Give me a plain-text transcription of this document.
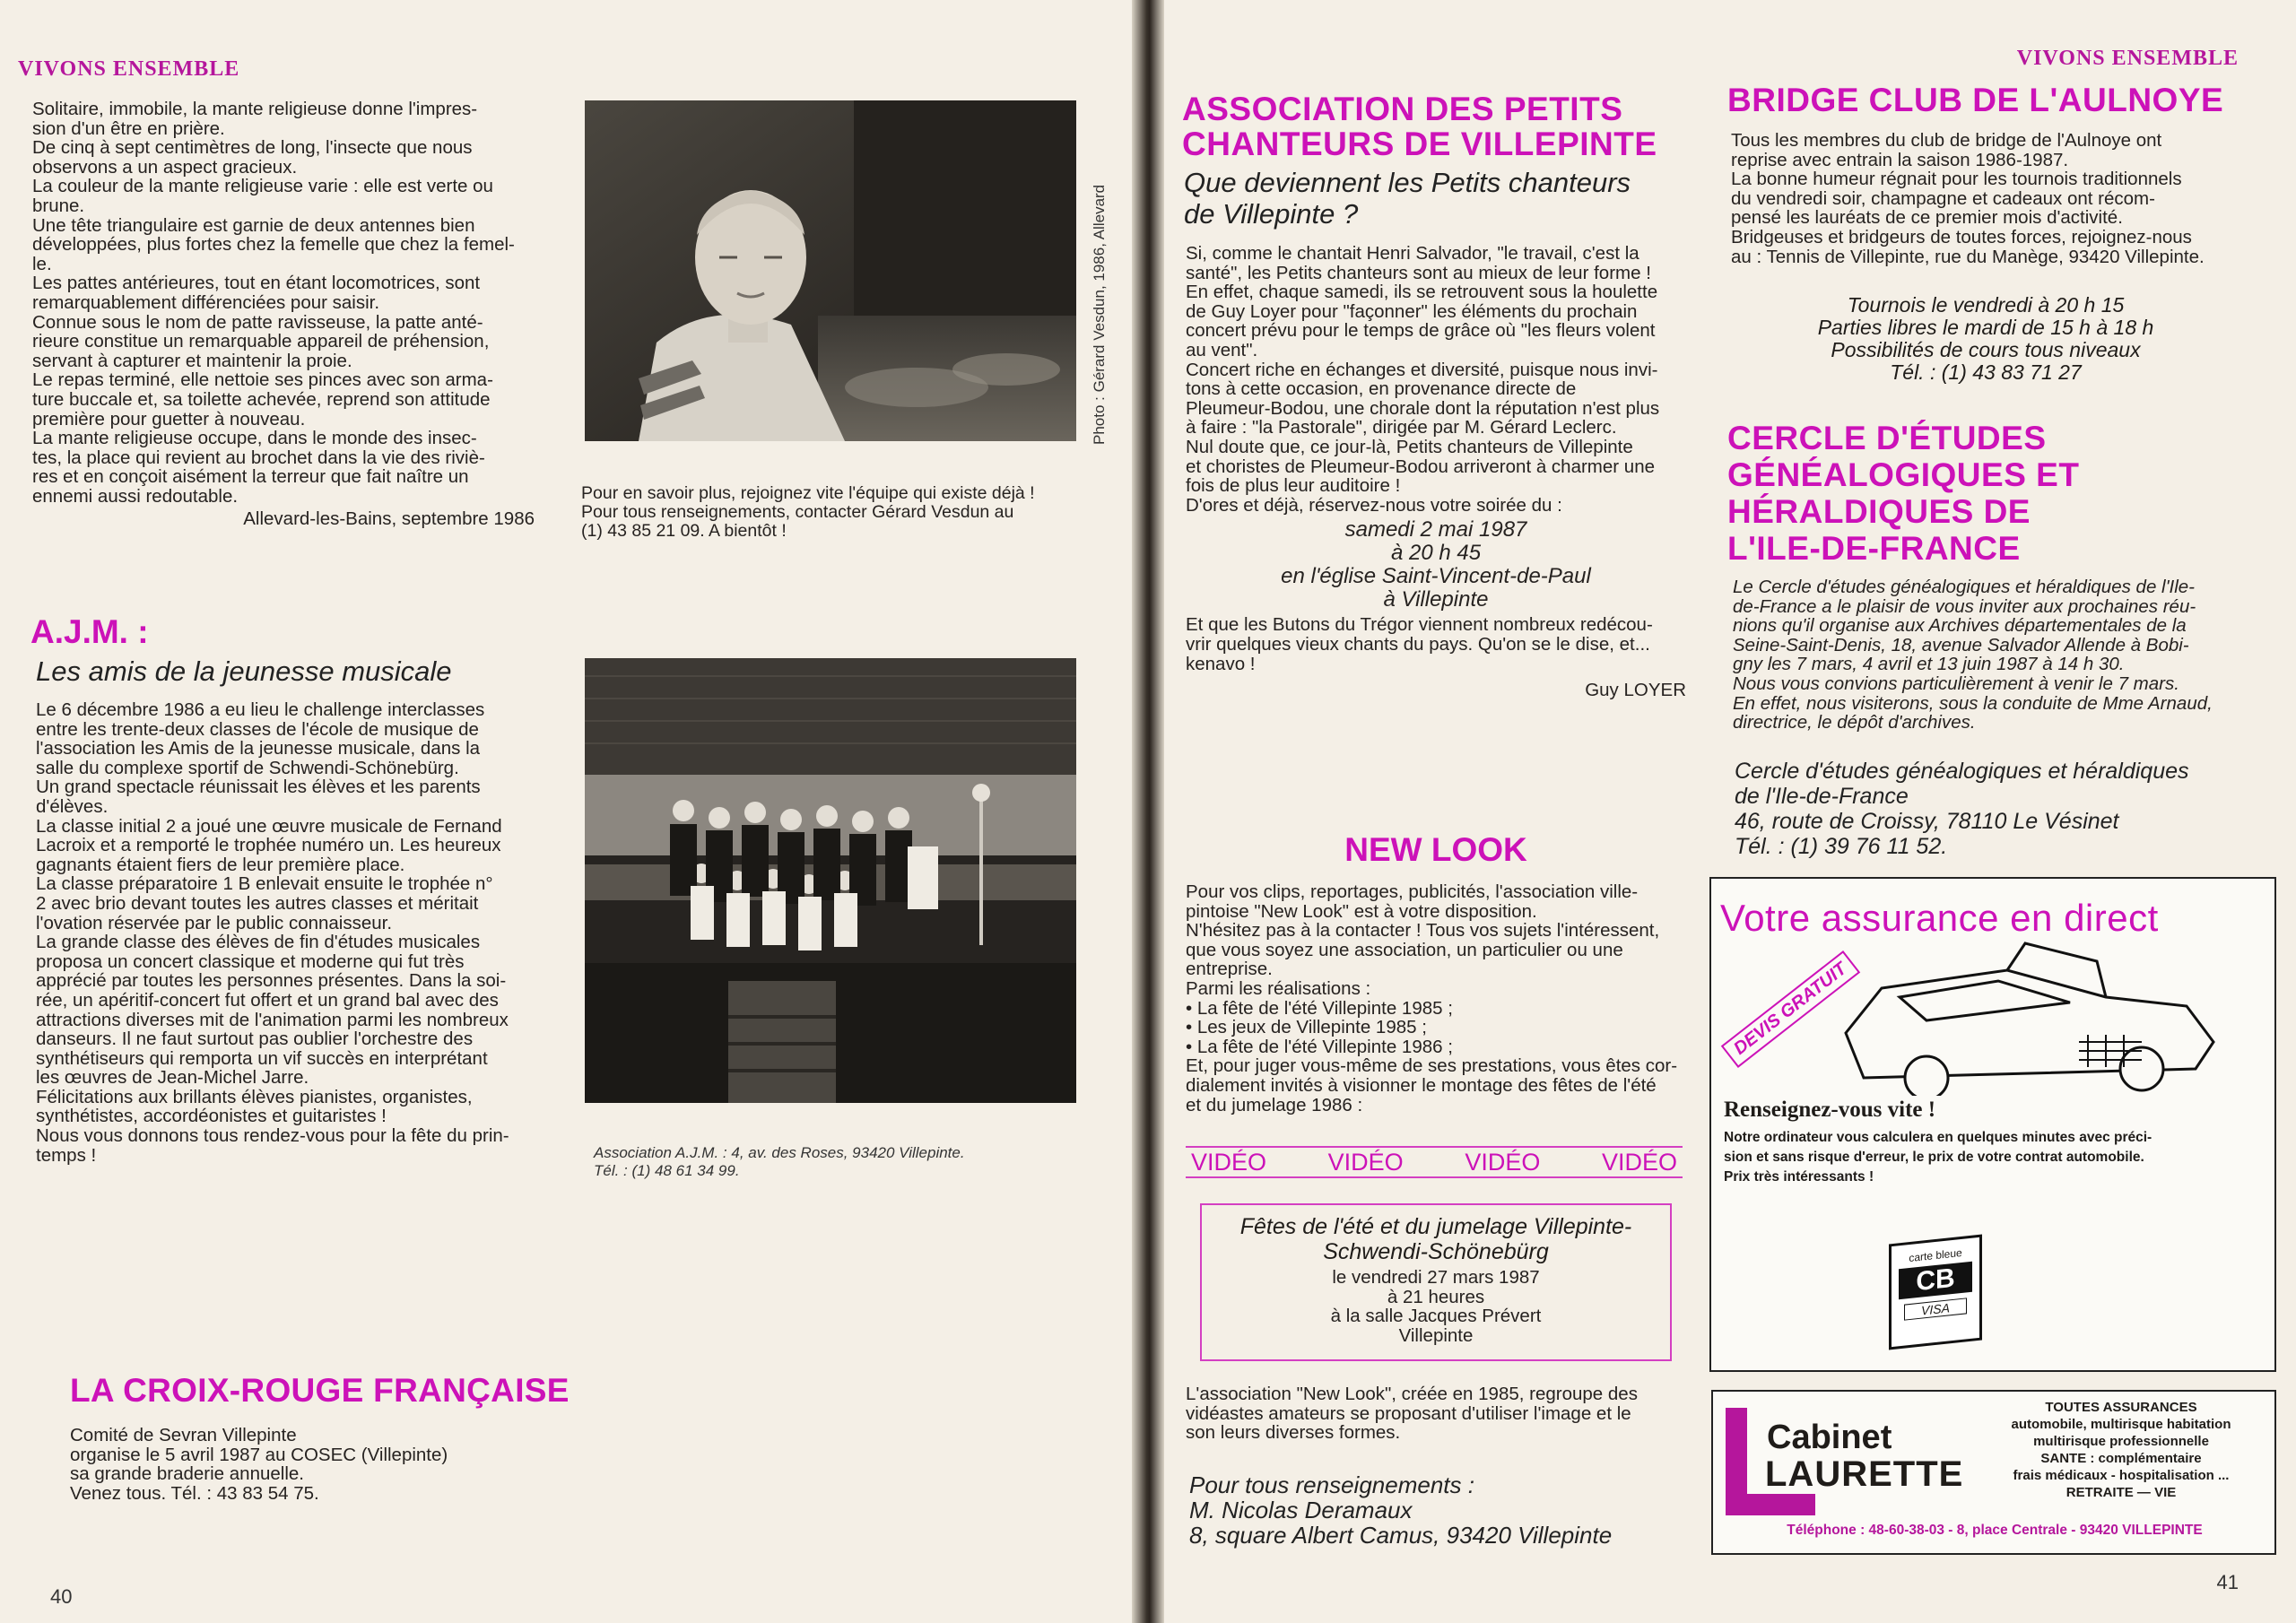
VIVONS ENSEMBLE
Solitaire, immobile, la mante religieuse donne l'impres-
sion d'un être en prière.
De cinq à sept centimètres de long, l'insecte que nous
observons a un aspect gracieux.
La couleur de la mante religieuse varie : elle est verte ou
brune.
Une tête triangulaire est garnie de deux antennes bien
développées, plus fortes chez la femelle que chez la femel-
le.
Les pattes antérieures, tout en étant locomotrices, sont
remarquablement différenciées pour saisir.
Connue sous le nom de patte ravisseuse, la patte anté-
rieure constitue un remarquable appareil de préhension,
servant à capturer et maintenir la proie.
Le repas terminé, elle nettoie ses pinces avec son arma-
ture buccale et, sa toilette achevée, reprend son attitude
première pour guetter à nouveau.
La mante religieuse occupe, dans le monde des insec-
tes, la place qui revient au brochet dans la vie des riviè-
res et en conçoit aisément la terreur que fait naître un
ennemi aussi redoutable.

Allevard-les-Bains, septembre 1986

Photo : Gérard Vesdun, 1986, Allevard
Pour en savoir plus, rejoignez vite l'équipe qui existe déjà !
Pour tous renseignements, contacter Gérard Vesdun au
(1) 43 85 21 09. A bientôt !
A.J.M. :
Les amis de la jeunesse musicale
Le 6 décembre 1986 a eu lieu le challenge interclasses
entre les trente-deux classes de l'école de musique de
l'association les Amis de la jeunesse musicale, dans la
salle du complexe sportif de Schwendi-Schönebürg.
Un grand spectacle réunissait les élèves et les parents
d'élèves.
La classe initial 2 a joué une œuvre musicale de Fernand
Lacroix et a remporté le trophée numéro un. Les heureux
gagnants étaient fiers de leur première place.
La classe préparatoire 1 B enlevait ensuite le trophée n°
2 avec brio devant toutes les autres classes et méritait
l'ovation réservée par le public connaisseur.
La grande classe des élèves de fin d'études musicales
proposa un concert classique et moderne qui fut très
apprécié par toutes les personnes présentes. Dans la soi-
rée, un apéritif-concert fut offert et un grand bal avec des
attractions diverses mit de l'animation parmi les nombreux
danseurs. Il ne faut surtout pas oublier l'orchestre des
synthétiseurs qui remporta un vif succès en interprétant
les œuvres de Jean-Michel Jarre.
Félicitations aux brillants élèves pianistes, organistes,
synthétistes, accordéonistes et guitaristes !
Nous vous donnons tous rendez-vous pour la fête du prin-
temps !	Association A.J.M. : 4, av. des Roses, 93420 Villepinte.
Tél. : (1) 48 61 34 99.
LA CROIX-ROUGE FRANÇAISE
Comité de Sevran Villepinte
organise le 5 avril 1987 au COSEC (Villepinte)
sa grande braderie annuelle.
Venez tous. Tél. : 43 83 54 75.
40
VIVONS ENSEMBLE
ASSOCIATION DES PETITS
CHANTEURS DE VILLEPINTE
Que deviennent les Petits chanteurs
de Villepinte ?
Si, comme le chantait Henri Salvador, "le travail, c'est la
santé", les Petits chanteurs sont au mieux de leur forme !
En effet, chaque samedi, ils se retrouvent sous la houlette
de Guy Loyer pour "façonner" les éléments du prochain
concert prévu pour le temps de grâce où "les fleurs volent
au vent".
Concert riche en échanges et diversité, puisque nous invi-
tons à cette occasion, en provenance directe de
Pleumeur-Bodou, une chorale dont la réputation n'est plus
à faire : "la Pastorale", dirigée par M. Gérard Leclerc.
Nul doute que, ce jour-là, Petits chanteurs de Villepinte
et choristes de Pleumeur-Bodou arriveront à charmer une
fois de plus leur auditoire !
D'ores et déjà, réservez-nous votre soirée du :
samedi 2 mai 1987
à 20 h 45
en l'église Saint-Vincent-de-Paul
à Villepinte
Et que les Butons du Trégor viennent nombreux redécou-
vrir quelques vieux chants du pays. Qu'on se le dise, et...
kenavo !

Guy LOYER

NEW LOOK
Pour vos clips, reportages, publicités, l'association ville-
pintoise "New Look" est à votre disposition.
N'hésitez pas à la contacter ! Tous vos sujets l'intéressent,
que vous soyez une association, un particulier ou une
entreprise.
Parmi les réalisations :
• La fête de l'été Villepinte 1985 ;
• Les jeux de Villepinte 1985 ;
• La fête de l'été Villepinte 1986 ;
Et, pour juger vous-même de ses prestations, vous êtes cor-
dialement invités à visionner le montage des fêtes de l'été
et du jumelage 1986 :
VIDÉO	VIDÉO	VIDÉO	VIDÉO
Fêtes de l'été et du jumelage Villepinte-
Schwendi-Schönebürg
le vendredi 27 mars 1987
à 21 heures
à la salle Jacques Prévert
Villepinte
L'association "New Look", créée en 1985, regroupe des
vidéastes amateurs se proposant d'utiliser l'image et le
son leurs diverses formes.
Pour tous renseignements :
M. Nicolas Deramaux
8, square Albert Camus, 93420 Villepinte
BRIDGE CLUB DE L'AULNOYE
Tous les membres du club de bridge de l'Aulnoye ont
reprise avec entrain la saison 1986-1987.
La bonne humeur régnait pour les tournois traditionnels
du vendredi soir, champagne et cadeaux ont récom-
pensé les lauréats de ce premier mois d'activité.
Bridgeuses et bridgeurs de toutes forces, rejoignez-nous
au : Tennis de Villepinte, rue du Manège, 93420 Villepinte.
Tournois le vendredi à 20 h 15
Parties libres le mardi de 15 h à 18 h
Possibilités de cours tous niveaux
Tél. : (1) 43 83 71 27
CERCLE D'ÉTUDES
GÉNÉALOGIQUES ET
HÉRALDIQUES DE
L'ILE-DE-FRANCE
Le Cercle d'études généalogiques et héraldiques de l'Ile-
de-France a le plaisir de vous inviter aux prochaines réu-
nions qu'il organise aux Archives départementales de la
Seine-Saint-Denis, 18, avenue Salvador Allende à Bobi-
gny les 7 mars, 4 avril et 13 juin 1987 à 14 h 30.
Nous vous convions particulièrement à venir le 7 mars.
En effet, nous visiterons, sous la conduite de Mme Arnaud,
directrice, le dépôt d'archives.
Cercle d'études généalogiques et héraldiques
de l'Ile-de-France
46, route de Croissy, 78110 Le Vésinet
Tél. : (1) 39 76 11 52.
Votre assurance en direct
DEVIS GRATUIT
Renseignez-vous vite !
Notre ordinateur vous calculera en quelques minutes avec préci-
sion et sans risque d'erreur, le prix de votre contrat automobile.
Prix très intéressants !
carte bleue
CB
VISA
Cabinet
LAURETTE
TOUTES ASSURANCES
automobile, multirisque habitation
multirisque professionnelle
SANTE : complémentaire
frais médicaux - hospitalisation ...
RETRAITE — VIE
Téléphone : 48-60-38-03 - 8, place Centrale - 93420 VILLEPINTE
41
